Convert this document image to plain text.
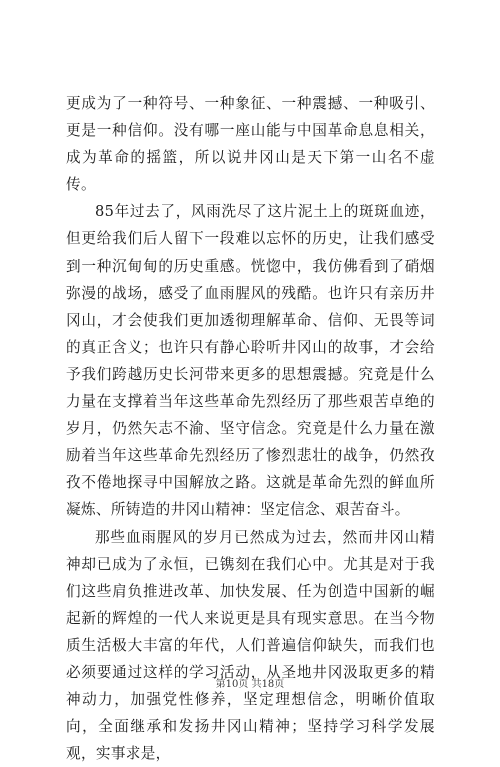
更成为了一种符号、一种象征、一种震撼、一种吸引、更是一种信仰。没有哪一座山能与中国革命息息相关，成为革命的摇篮，所以说井冈山是天下第一山名不虚传。

85年过去了，风雨洗尽了这片泥土上的斑斑血迹，但更给我们后人留下一段难以忘怀的历史，让我们感受到一种沉甸甸的历史重感。恍惚中，我仿佛看到了硝烟弥漫的战场，感受了血雨腥风的残酷。也许只有亲历井冈山，才会使我们更加透彻理解革命、信仰、无畏等词的真正含义；也许只有静心聆听井冈山的故事，才会给予我们跨越历史长河带来更多的思想震撼。究竟是什么力量在支撑着当年这些革命先烈经历了那些艰苦卓绝的岁月，仍然矢志不渝、坚守信念。究竟是什么力量在激励着当年这些革命先烈经历了惨烈悲壮的战争，仍然孜孜不倦地探寻中国解放之路。这就是革命先烈的鲜血所凝炼、所铸造的井冈山精神：坚定信念、艰苦奋斗。

那些血雨腥风的岁月已然成为过去，然而井冈山精神却已成为了永恒，已镌刻在我们心中。尤其是对于我们这些肩负推进改革、加快发展、任为创造中国新的崛起新的辉煌的一代人来说更是具有现实意思。在当今物质生活极大丰富的年代，人们普遍信仰缺失，而我们也必须要通过这样的学习活动，从圣地井冈汲取更多的精神动力，加强党性修养，坚定理想信念，明晰价值取向，全面继承和发扬井冈山精神；坚持学习科学发展观，实事求是，

第10页 共18页
